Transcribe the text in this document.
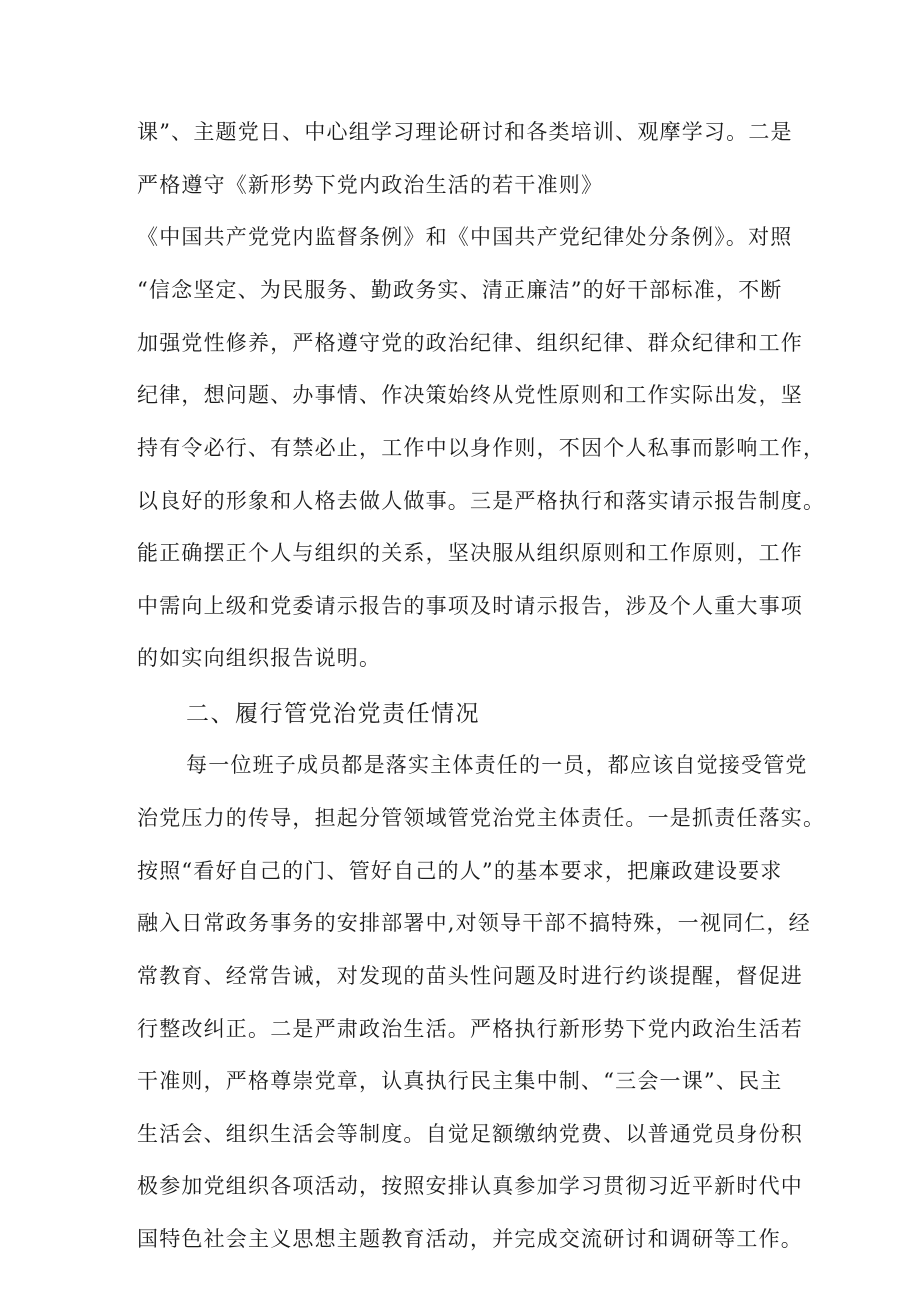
课”、主题党日、中心组学习理论研讨和各类培训、观摩学习。二是
严格遵守《新形势下党内政治生活的若干准则》
《中国共产党党内监督条例》和《中国共产党纪律处分条例》。对照
“信念坚定、为民服务、勤政务实、清正廉洁”的好干部标准，不断
加强党性修养，严格遵守党的政治纪律、组织纪律、群众纪律和工作
纪律，想问题、办事情、作决策始终从党性原则和工作实际出发，坚
持有令必行、有禁必止，工作中以身作则，不因个人私事而影响工作，
以良好的形象和人格去做人做事。三是严格执行和落实请示报告制度。
能正确摆正个人与组织的关系，坚决服从组织原则和工作原则，工作
中需向上级和党委请示报告的事项及时请示报告，涉及个人重大事项
的如实向组织报告说明。
二、履行管党治党责任情况
每一位班子成员都是落实主体责任的一员，都应该自觉接受管党
治党压力的传导，担起分管领域管党治党主体责任。一是抓责任落实。
按照“看好自己的门、管好自己的人”的基本要求，把廉政建设要求
融入日常政务事务的安排部署中,对领导干部不搞特殊，一视同仁，经
常教育、经常告诫，对发现的苗头性问题及时进行约谈提醒，督促进
行整改纠正。二是严肃政治生活。严格执行新形势下党内政治生活若
干准则，严格尊崇党章，认真执行民主集中制、“三会一课”、民主
生活会、组织生活会等制度。自觉足额缴纳党费、以普通党员身份积
极参加党组织各项活动，按照安排认真参加学习贯彻习近平新时代中
国特色社会主义思想主题教育活动，并完成交流研讨和调研等工作。
